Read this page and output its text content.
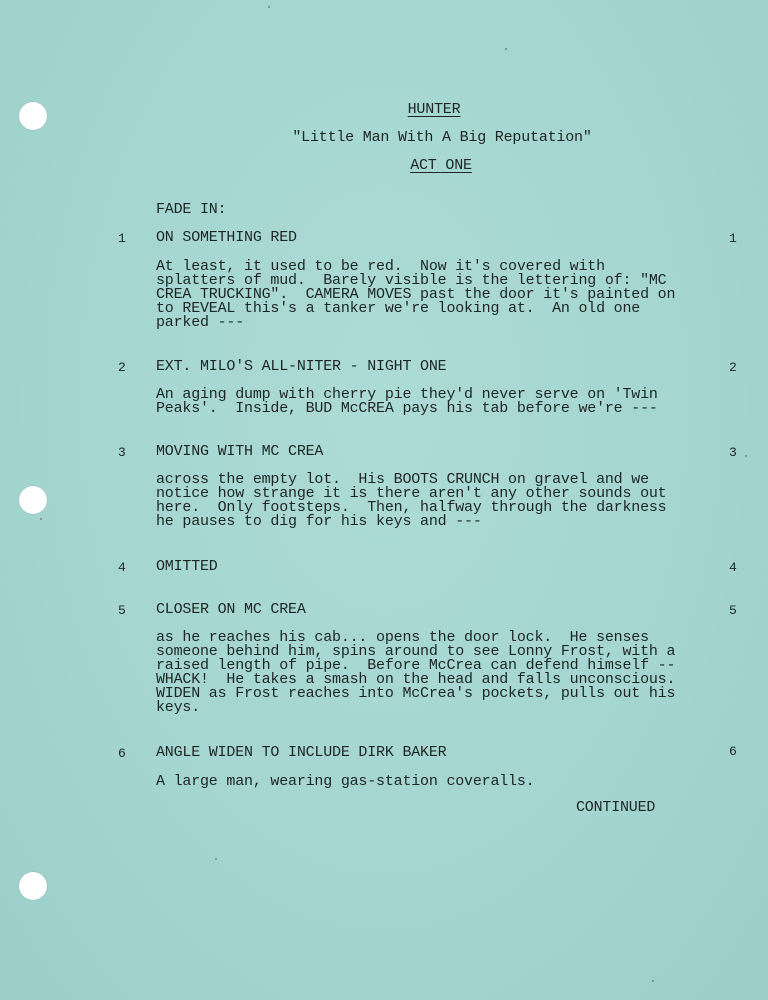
HUNTER
"Little Man With A Big Reputation"
ACT ONE
FADE IN:
1 ON SOMETHING RED	1
At least, it used to be red.  Now it's covered with
splatters of mud.  Barely visible is the lettering of: "MC
CREA TRUCKING".  CAMERA MOVES past the door it's painted on
to REVEAL this's a tanker we're looking at.  An old one
parked ---
2 EXT. MILO'S ALL-NITER - NIGHT ONE	2
An aging dump with cherry pie they'd never serve on 'Twin
Peaks'.  Inside, BUD McCREA pays his tab before we're ---
3 MOVING WITH MC CREA	3
across the empty lot.  His BOOTS CRUNCH on gravel and we
notice how strange it is there aren't any other sounds out
here.  Only footsteps.  Then, halfway through the darkness
he pauses to dig for his keys and ---
4 OMITTED	4
5 CLOSER ON MC CREA	5
as he reaches his cab... opens the door lock.  He senses
someone behind him, spins around to see Lonny Frost, with a
raised length of pipe.  Before McCrea can defend himself --
WHACK!  He takes a smash on the head and falls unconscious.
WIDEN as Frost reaches into McCrea's pockets, pulls out his
keys.
6 ANGLE WIDEN TO INCLUDE DIRK BAKER	6
A large man, wearing gas-station coveralls.
CONTINUED
